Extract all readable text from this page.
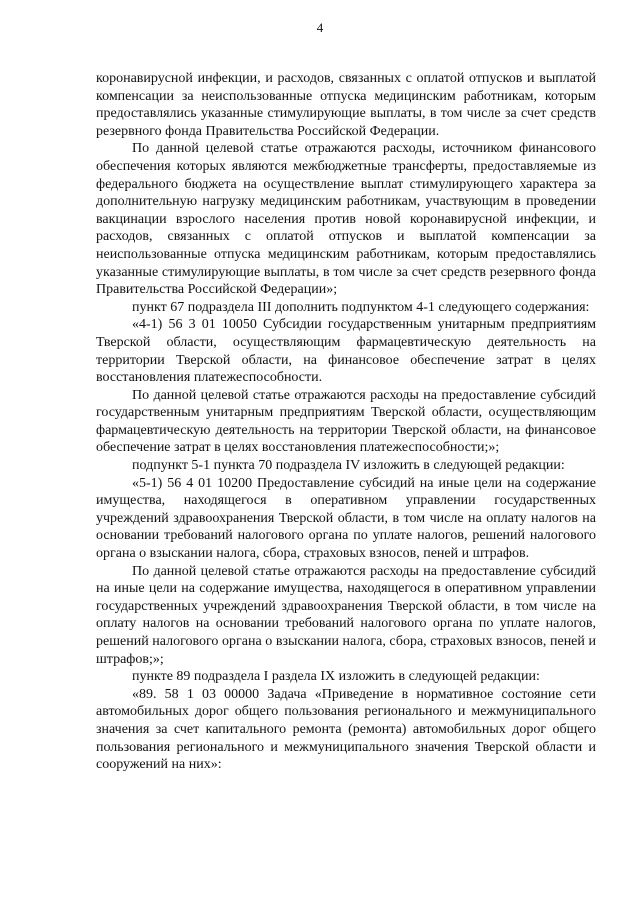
4

коронавирусной инфекции, и расходов, связанных с оплатой отпусков и выплатой компенсации за неиспользованные отпуска медицинским работникам, которым предоставлялись указанные стимулирующие выплаты, в том числе за счет средств резервного фонда Правительства Российской Федерации.

По данной целевой статье отражаются расходы, источником финансового обеспечения которых являются межбюджетные трансферты, предоставляемые из федерального бюджета на осуществление выплат стимулирующего характера за дополнительную нагрузку медицинским работникам, участвующим в проведении вакцинации взрослого населения против новой коронавирусной инфекции, и расходов, связанных с оплатой отпусков и выплатой компенсации за неиспользованные отпуска медицинским работникам, которым предоставлялись указанные стимулирующие выплаты, в том числе за счет средств резервного фонда Правительства Российской Федерации»;

пункт 67 подраздела III дополнить подпунктом 4-1 следующего содержания:

«4-1) 56 3 01 10050 Субсидии государственным унитарным предприятиям Тверской области, осуществляющим фармацевтическую деятельность на территории Тверской области, на финансовое обеспечение затрат в целях восстановления платежеспособности.

По данной целевой статье отражаются расходы на предоставление субсидий государственным унитарным предприятиям Тверской области, осуществляющим фармацевтическую деятельность на территории Тверской области, на финансовое обеспечение затрат в целях восстановления платежеспособности;»;

подпункт 5-1 пункта 70 подраздела IV изложить в следующей редакции:

«5-1) 56 4 01 10200 Предоставление субсидий на иные цели на содержание имущества, находящегося в оперативном управлении государственных учреждений здравоохранения Тверской области, в том числе на оплату налогов на основании требований налогового органа по уплате налогов, решений налогового органа о взыскании налога, сбора, страховых взносов, пеней и штрафов.

По данной целевой статье отражаются расходы на предоставление субсидий на иные цели на содержание имущества, находящегося в оперативном управлении государственных учреждений здравоохранения Тверской области, в том числе на оплату налогов на основании требований налогового органа по уплате налогов, решений налогового органа о взыскании налога, сбора, страховых взносов, пеней и штрафов;»;

пункте 89 подраздела I раздела IX изложить в следующей редакции:

«89. 58 1 03 00000 Задача «Приведение в нормативное состояние сети автомобильных дорог общего пользования регионального и межмуниципального значения за счет капитального ремонта (ремонта) автомобильных дорог общего пользования регионального и межмуниципального значения Тверской области и сооружений на них»:
